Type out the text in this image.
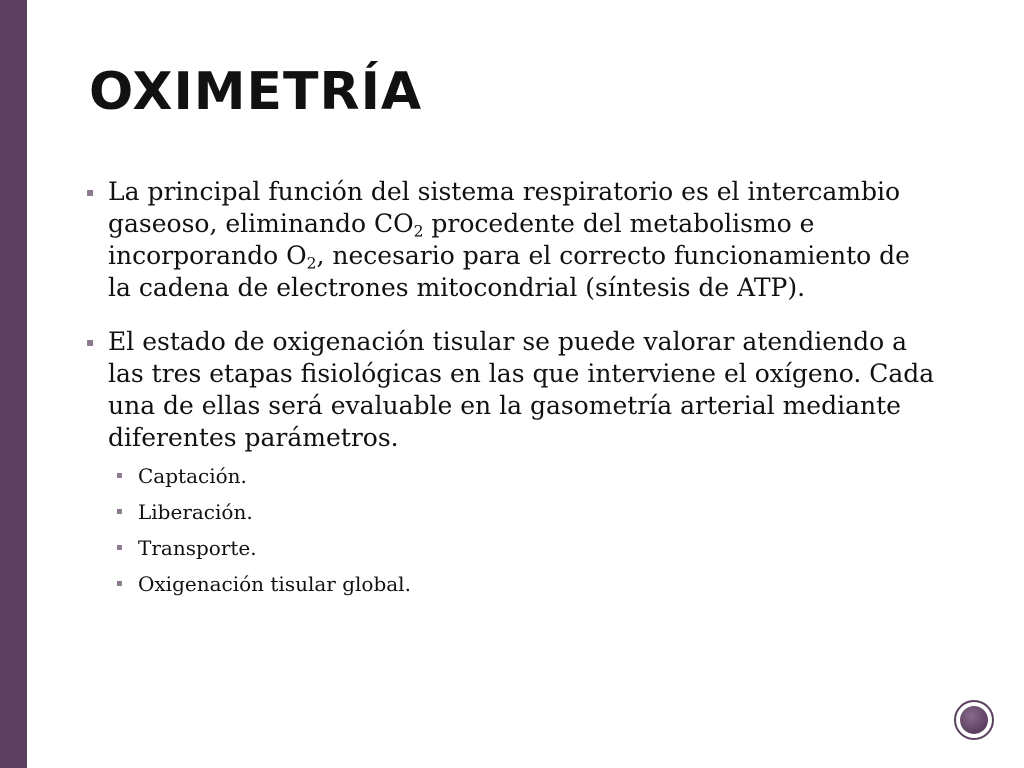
OXIMETRÍA
▪ La principal función del sistema respiratorio es el intercambio gaseoso, eliminando $CO_2$ procedente del metabolismo e incorporando $O_2$, necesario para el correcto funcionamiento de la cadena de electrones mitocondrial (síntesis de ATP).
▪ El estado de oxigenación tisular se puede valorar atendiendo a las tres etapas fisiológicas en las que interviene el oxígeno. Cada una de ellas será evaluable en la gasometría arterial mediante diferentes parámetros.
▪ Captación.
▪ Liberación.
▪ Transporte.
▪ Oxigenación tisular global.
